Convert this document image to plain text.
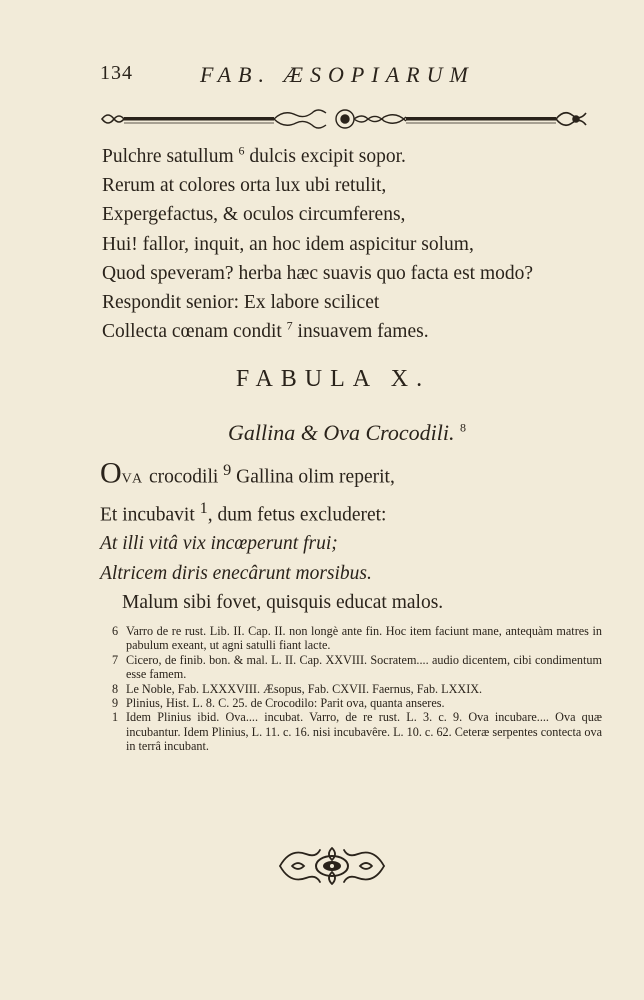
134	FAB. ÆSOPIARUM
Pulchre satullum $^6$ dulcis excipit sopor.
Rerum at colores orta lux ubi retulit,
Expergefactus, & oculos circumferens,
Hui! fallor, inquit, an hoc idem aspicitur solum,
Quod speveram? herba hæc suavis quo facta est modo?
Respondit senior: Ex labore scilicet
Collecta cœnam condit $^7$ insuavem fames.
FABULA X.
Gallina & Ova Crocodili. $^8$
OVA crocodili $^9$ Gallina olim reperit,
Et incubavit $^1$, dum fetus excluderet:
At illi vitâ vix incœperunt frui;
Altricem diris enecârunt morsibus.
Malum sibi fovet, quisquis educat malos.
6 Varro de re rust. Lib. II. Cap. II. non longè ante fin. Hoc item faciunt mane, antequàm matres in pabulum exeant, ut agni satulli fiant lacte.
7 Cicero, de finib. bon. & mal. L. II. Cap. XXVIII. Socratem.... audio dicentem, cibi condimentum esse famem.
8 Le Noble, Fab. LXXXVIII. Æsopus, Fab. CXVII. Faernus, Fab. LXXIX.
9 Plinius, Hist. L. 8. C. 25. de Crocodilo: Parit ova, quanta anseres.
1 Idem Plinius ibid. Ova.... incubat. Varro, de re rust. L. 3. c. 9. Ova incubare.... Ova quæ incubantur. Idem Plinius, L. 11. c. 16. nisi incubavêre. L. 10. c. 62. Ceteræ serpentes contecta ova in terrâ incubant.
